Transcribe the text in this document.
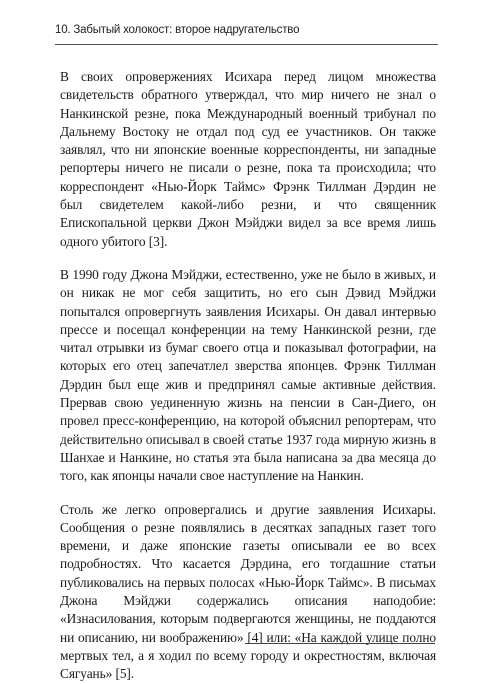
10. Забытый холокост: второе надругательство

В своих опровержениях Исихара перед лицом множества свидетельств обратного утверждал, что мир ничего не знал о Нанкинской резне, пока Международный военный трибунал по Дальнему Востоку не отдал под суд ее участников. Он также заявлял, что ни японские военные корреспонденты, ни западные репортеры ничего не писали о резне, пока та происходила; что корреспондент «Нью-Йорк Таймс» Фрэнк Тиллман Дэрдин не был свидетелем какой-либо резни, и что священник Епископальной церкви Джон Мэйджи видел за все время лишь одного убитого [3].

В 1990 году Джона Мэйджи, естественно, уже не было в живых, и он никак не мог себя защитить, но его сын Дэвид Мэйджи попытался опровергнуть заявления Исихары. Он давал интервью прессе и посещал конференции на тему Нанкинской резни, где читал отрывки из бумаг своего отца и показывал фотографии, на которых его отец запечатлел зверства японцев. Фрэнк Тиллман Дэрдин был еще жив и предпринял самые активные действия. Прервав свою уединенную жизнь на пенсии в Сан-Диего, он провел пресс-конференцию, на которой объяснил репортерам, что действительно описывал в своей статье 1937 года мирную жизнь в Шанхае и Нанкине, но статья эта была написана за два месяца до того, как японцы начали свое наступление на Нанкин.

Столь же легко опровергались и другие заявления Исихары. Сообщения о резне появлялись в десятках западных газет того времени, и даже японские газеты описывали ее во всех подробностях. Что касается Дэрдина, его тогдашние статьи публиковались на первых полосах «Нью-Йорк Таймс». В письмах Джона Мэйджи содержались описания наподобие: «Изнасилования, которым подвергаются женщины, не поддаются ни описанию, ни воображению» [4] или: «На каждой улице полно мертвых тел, а я ходил по всему городу и окрестностям, включая Сягуань» [5].
